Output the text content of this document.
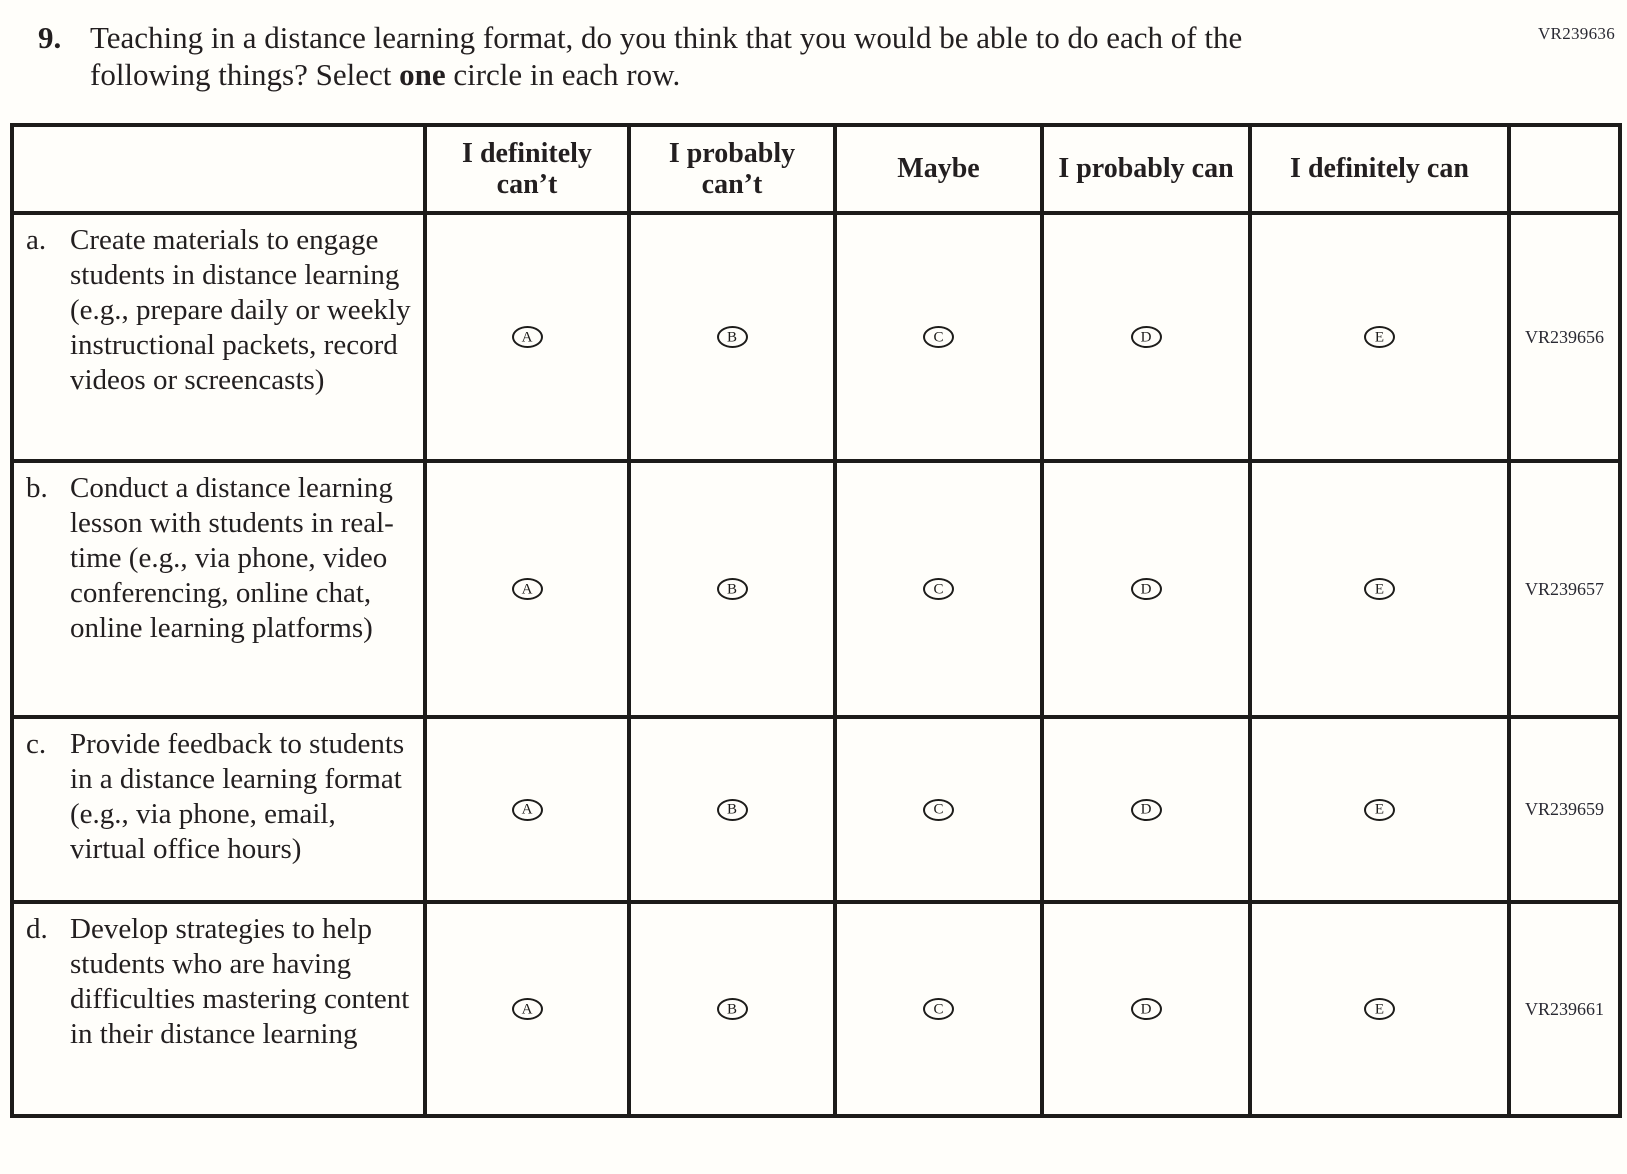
VR239636
9. Teaching in a distance learning format, do you think that you would be able to do each of the following things? Select one circle in each row.
	I definitely can’t	I probably can’t	Maybe	I probably can	I definitely can	

a. Create materials to engage students in distance learning (e.g., prepare daily or weekly instructional packets, record videos or screencasts)	A	B	C	D	E	VR239656

b. Conduct a distance learning lesson with students in real-time (e.g., via phone, video conferencing, online chat, online learning platforms)	A	B	C	D	E	VR239657

c. Provide feedback to students in a distance learning format (e.g., via phone, email, virtual office hours)	A	B	C	D	E	VR239659

d. Develop strategies to help students who are having difficulties mastering content in their distance learning	A	B	C	D	E	VR239661
